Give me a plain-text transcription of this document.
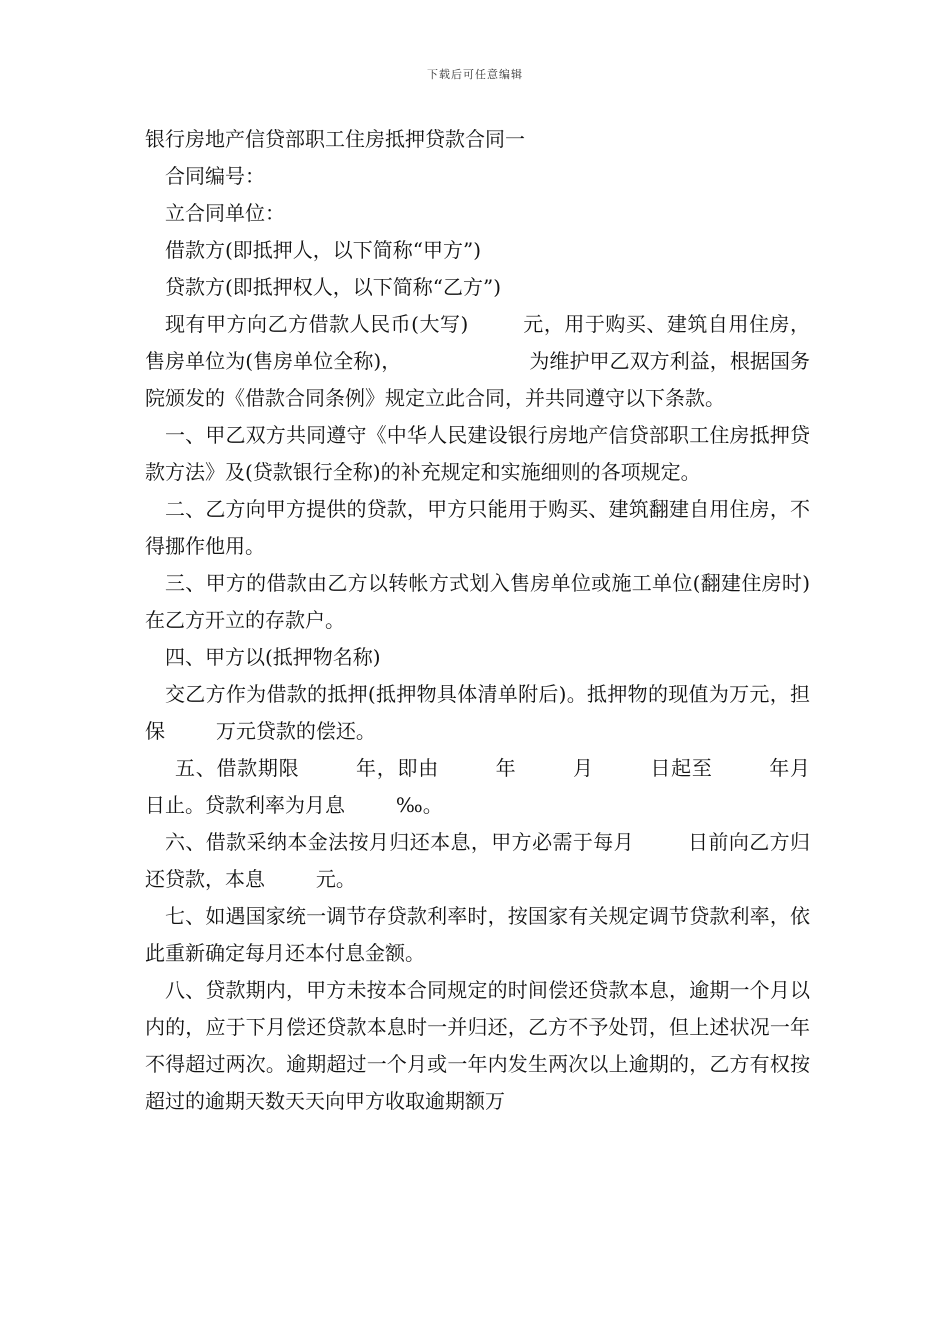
下载后可任意编辑
银行房地产信贷部职工住房抵押贷款合同一
合同编号：
立合同单位：
借款方(即抵押人，以下简称“甲方”)
贷款方(即抵押权人，以下简称“乙方”)
现有甲方向乙方借款人民币(大写)        元，用于购买、建筑自用住房，售房单位为(售房单位全称)，                    为维护甲乙双方利益，根据国务院颁发的《借款合同条例》规定立此合同，并共同遵守以下条款。
一、甲乙双方共同遵守《中华人民建设银行房地产信贷部职工住房抵押贷款方法》及(贷款银行全称)的补充规定和实施细则的各项规定。
二、乙方向甲方提供的贷款，甲方只能用于购买、建筑翻建自用住房，不得挪作他用。
三、甲方的借款由乙方以转帐方式划入售房单位或施工单位(翻建住房时)在乙方开立的存款户。
四、甲方以(抵押物名称)
交乙方作为借款的抵押(抵押物具体清单附后)。抵押物的现值为万元，担保        万元贷款的偿还。
五、借款期限        年，即由        年        月        日起至        年月        日止。贷款利率为月息        ‰。
六、借款采纳本金法按月归还本息，甲方必需于每月        日前向乙方归还贷款，本息        元。
七、如遇国家统一调节存贷款利率时，按国家有关规定调节贷款利率，依此重新确定每月还本付息金额。
八、贷款期内，甲方未按本合同规定的时间偿还贷款本息，逾期一个月以内的，应于下月偿还贷款本息时一并归还，乙方不予处罚，但上述状况一年不得超过两次。逾期超过一个月或一年内发生两次以上逾期的，乙方有权按超过的逾期天数天天向甲方收取逾期额万
